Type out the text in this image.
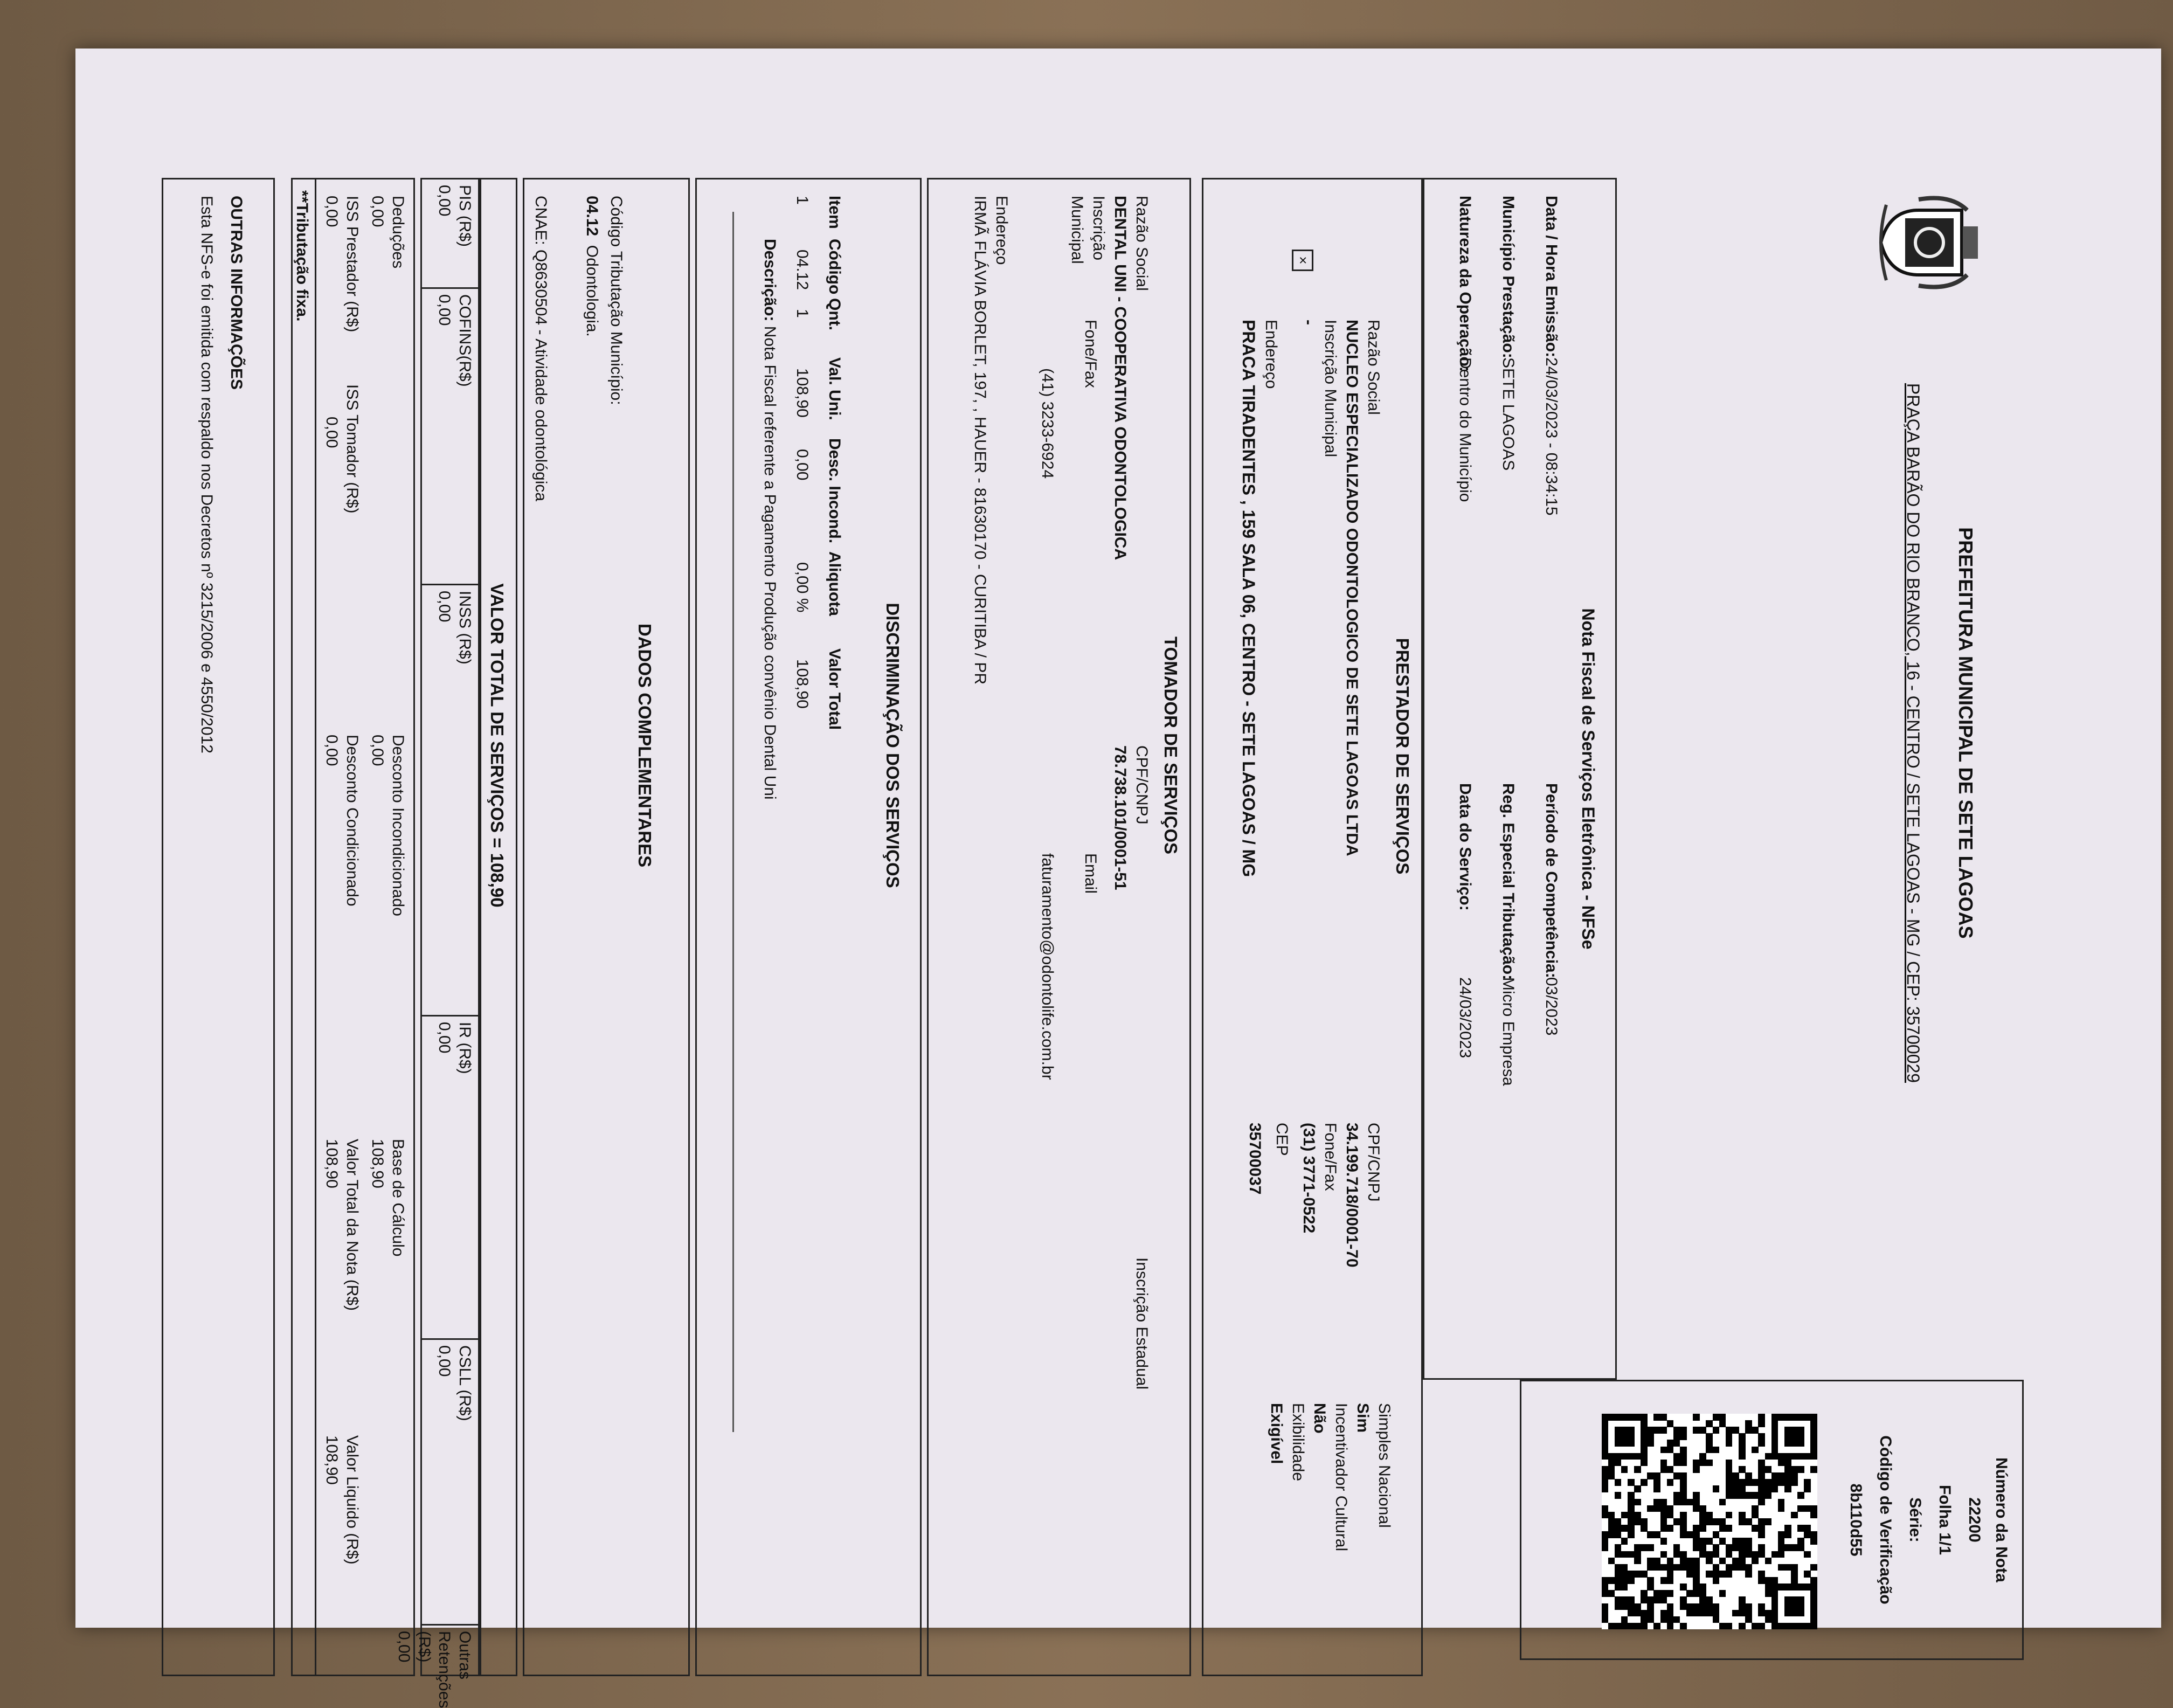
PREFEITURA MUNICIPAL DE SETE LAGOAS
PRAÇA BARÃO DO RIO BRANCO, 16 - CENTRO / SETE LAGOAS - MG / CEP: 35700029
Número da Nota
22200
Folha 1/1
Série:
Código de Verificação
8b110d55
Nota Fiscal de Serviços Eletrônica - NFSe
Data / Hora Emissão:24/03/2023 - 08:34:15
Município Prestação:SETE LAGOAS
Natureza da Operação:Dentro do Município
Período de Competência:03/2023
Reg. Especial Tributação:Micro Empresa
Data do Serviço:24/03/2023
PRESTADOR DE SERVIÇOS
×
Razão Social
NUCLEO ESPECIALIZADO ODONTOLOGICO DE SETE LAGOAS LTDA
Inscrição Municipal
-
Endereço
PRACA TIRADENTES , 159 SALA 06, CENTRO - SETE LAGOAS / MG
CPF/CNPJ
34.199.718/0001-70
Fone/Fax
(31) 3771-0522
CEP
35700037
Simples Nacional
Sim
Incentivador Cultural
Não
Exibilidade
Exigível
TOMADOR DE SERVIÇOS
Razão Social
DENTAL UNI - COOPERATIVA ODONTOLOGICA
Inscrição
Municipal
Fone/Fax
(41) 3233-6924
Endereço
IRMÃ FLÁVIA BORLET, 197, , HAUER - 81630170 - CURITIBA / PR
CPF/CNPJ
78.738.101/0001-51
Email
faturamento@odontolife.com.br
Inscrição Estadual
DISCRIMINAÇÃO DOS SERVIÇOS
Item
Código
Qnt.
Val. Uni.
Desc. Incond.
Aliquota
Valor Total
1
04.12
1
108,90
0,00
0,00 %
108,90
Descrição: Nota Fiscal referente a Pagamento Produção convênio Dental Uni
DADOS COMPLEMENTARES
Código Tributação Município:
04.12  Odontologia.
CNAE: Q8630504 - Atividade odontológica
VALOR TOTAL DE SERVIÇOS = 108,90
PIS (R$)
0,00
COFINS(R$)
0,00
INSS (R$)
0,00
IR (R$)
0,00
CSLL (R$)
0,00
Outras Retenções (R$)
0,00
Deduções
0,00
ISS Prestador (R$)
0,00
ISS Tomador (R$)
0,00
Desconto Incondicionado
0,00
Desconto Condicionado
0,00
Base de Cálculo
108,90
Valor Total da Nota (R$)
108,90
Valor Liquido (R$)
108,90
**Tributação fixa.
OUTRAS INFORMAÇÕES
Esta NFS-e foi emitida com respaldo nos Decretos nº 3215/2006 e 4550/2012
